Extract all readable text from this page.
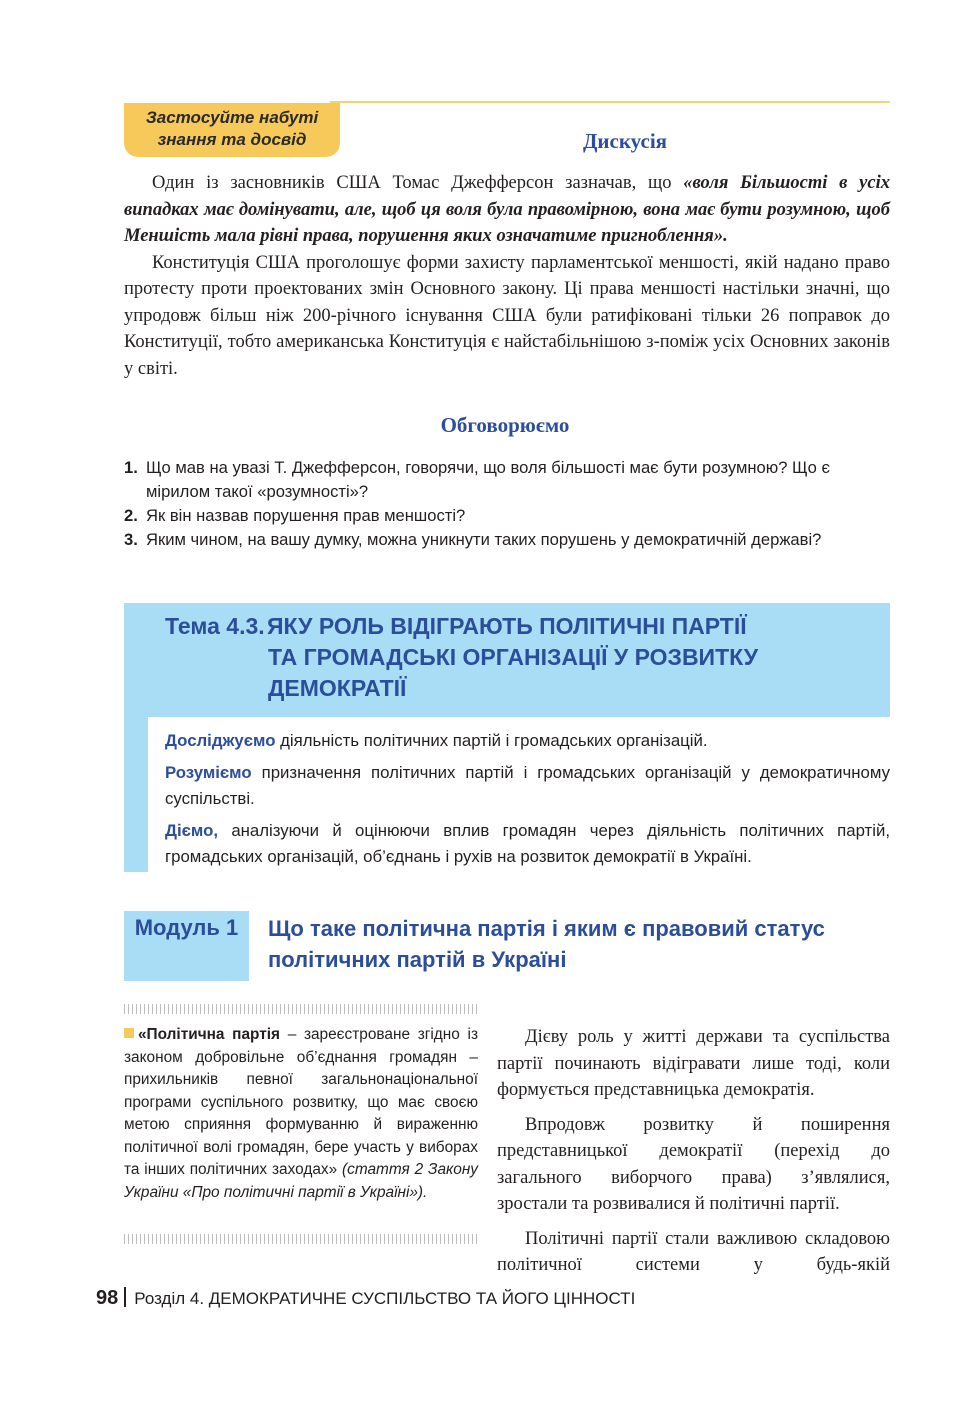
Застосуйте набуті
знання та досвід	Дискусія

Один із засновників США Томас Джефферсон зазначав, що «воля Більшості в усіх випадках має домінувати, але, щоб ця воля була правомірною, вона має бути розумною, щоб Меншість мала рівні права, порушення яких означатиме пригноблення».

Конституція США проголошує форми захисту парламентської меншості, якій надано право протесту проти проектованих змін Основного закону. Ці права меншості настільки значні, що упродовж більш ніж 200-річного існування США були ратифіковані тільки 26 поправок до Конституції, тобто американська Конституція є найстабільнішою з-поміж усіх Основних законів у світі.

Обговорюємо
1. Що мав на увазі Т. Джефферсон, говорячи, що воля більшості має бути розумною? Що є мірилом такої «розумності»?
2. Як він назвав порушення прав меншості?
3. Яким чином, на вашу думку, можна уникнути таких порушень у демократичній державі?
Тема 4.3. ЯКУ РОЛЬ ВІДІГРАЮТЬ ПОЛІТИЧНІ ПАРТІЇ
ТА ГРОМАДСЬКІ ОРГАНІЗАЦІЇ У РОЗВИТКУ
ДЕМОКРАТІЇ

Досліджуємо діяльність політичних партій і громадських організацій.

Розуміємо призначення політичних партій і громадських організацій у демократичному суспільстві.

Діємо, аналізуючи й оцінюючи вплив громадян через діяльність політичних партій, громадських організацій, об’єднань і рухів на розвиток демократії в Україні.

Модуль 1	Що таке політична партія і яким є правовий статус політичних партій в Україні
«Політична партія – зареєстроване згідно із законом добровільне об’єднання громадян – прихильників певної загальнонаціональної програми суспільного розвитку, що має своєю метою сприяння формуванню й вираженню політичної волі громадян, бере участь у виборах та інших політичних заходах» (стаття 2 Закону України «Про політичні партії в Україні»).

Дієву роль у житті держави та суспільства партії починають відігравати лише тоді, коли формується представницька демократія.

Впродовж розвитку й поширення представницької демократії (перехід до загального виборчого права) з’являлися, зростали та розвивалися й політичні партії.

Політичні партії стали важливою складовою політичної системи у будь-якій

98 Розділ 4. ДЕМОКРАТИЧНЕ СУСПІЛЬСТВО ТА ЙОГО ЦІННОСТІ
